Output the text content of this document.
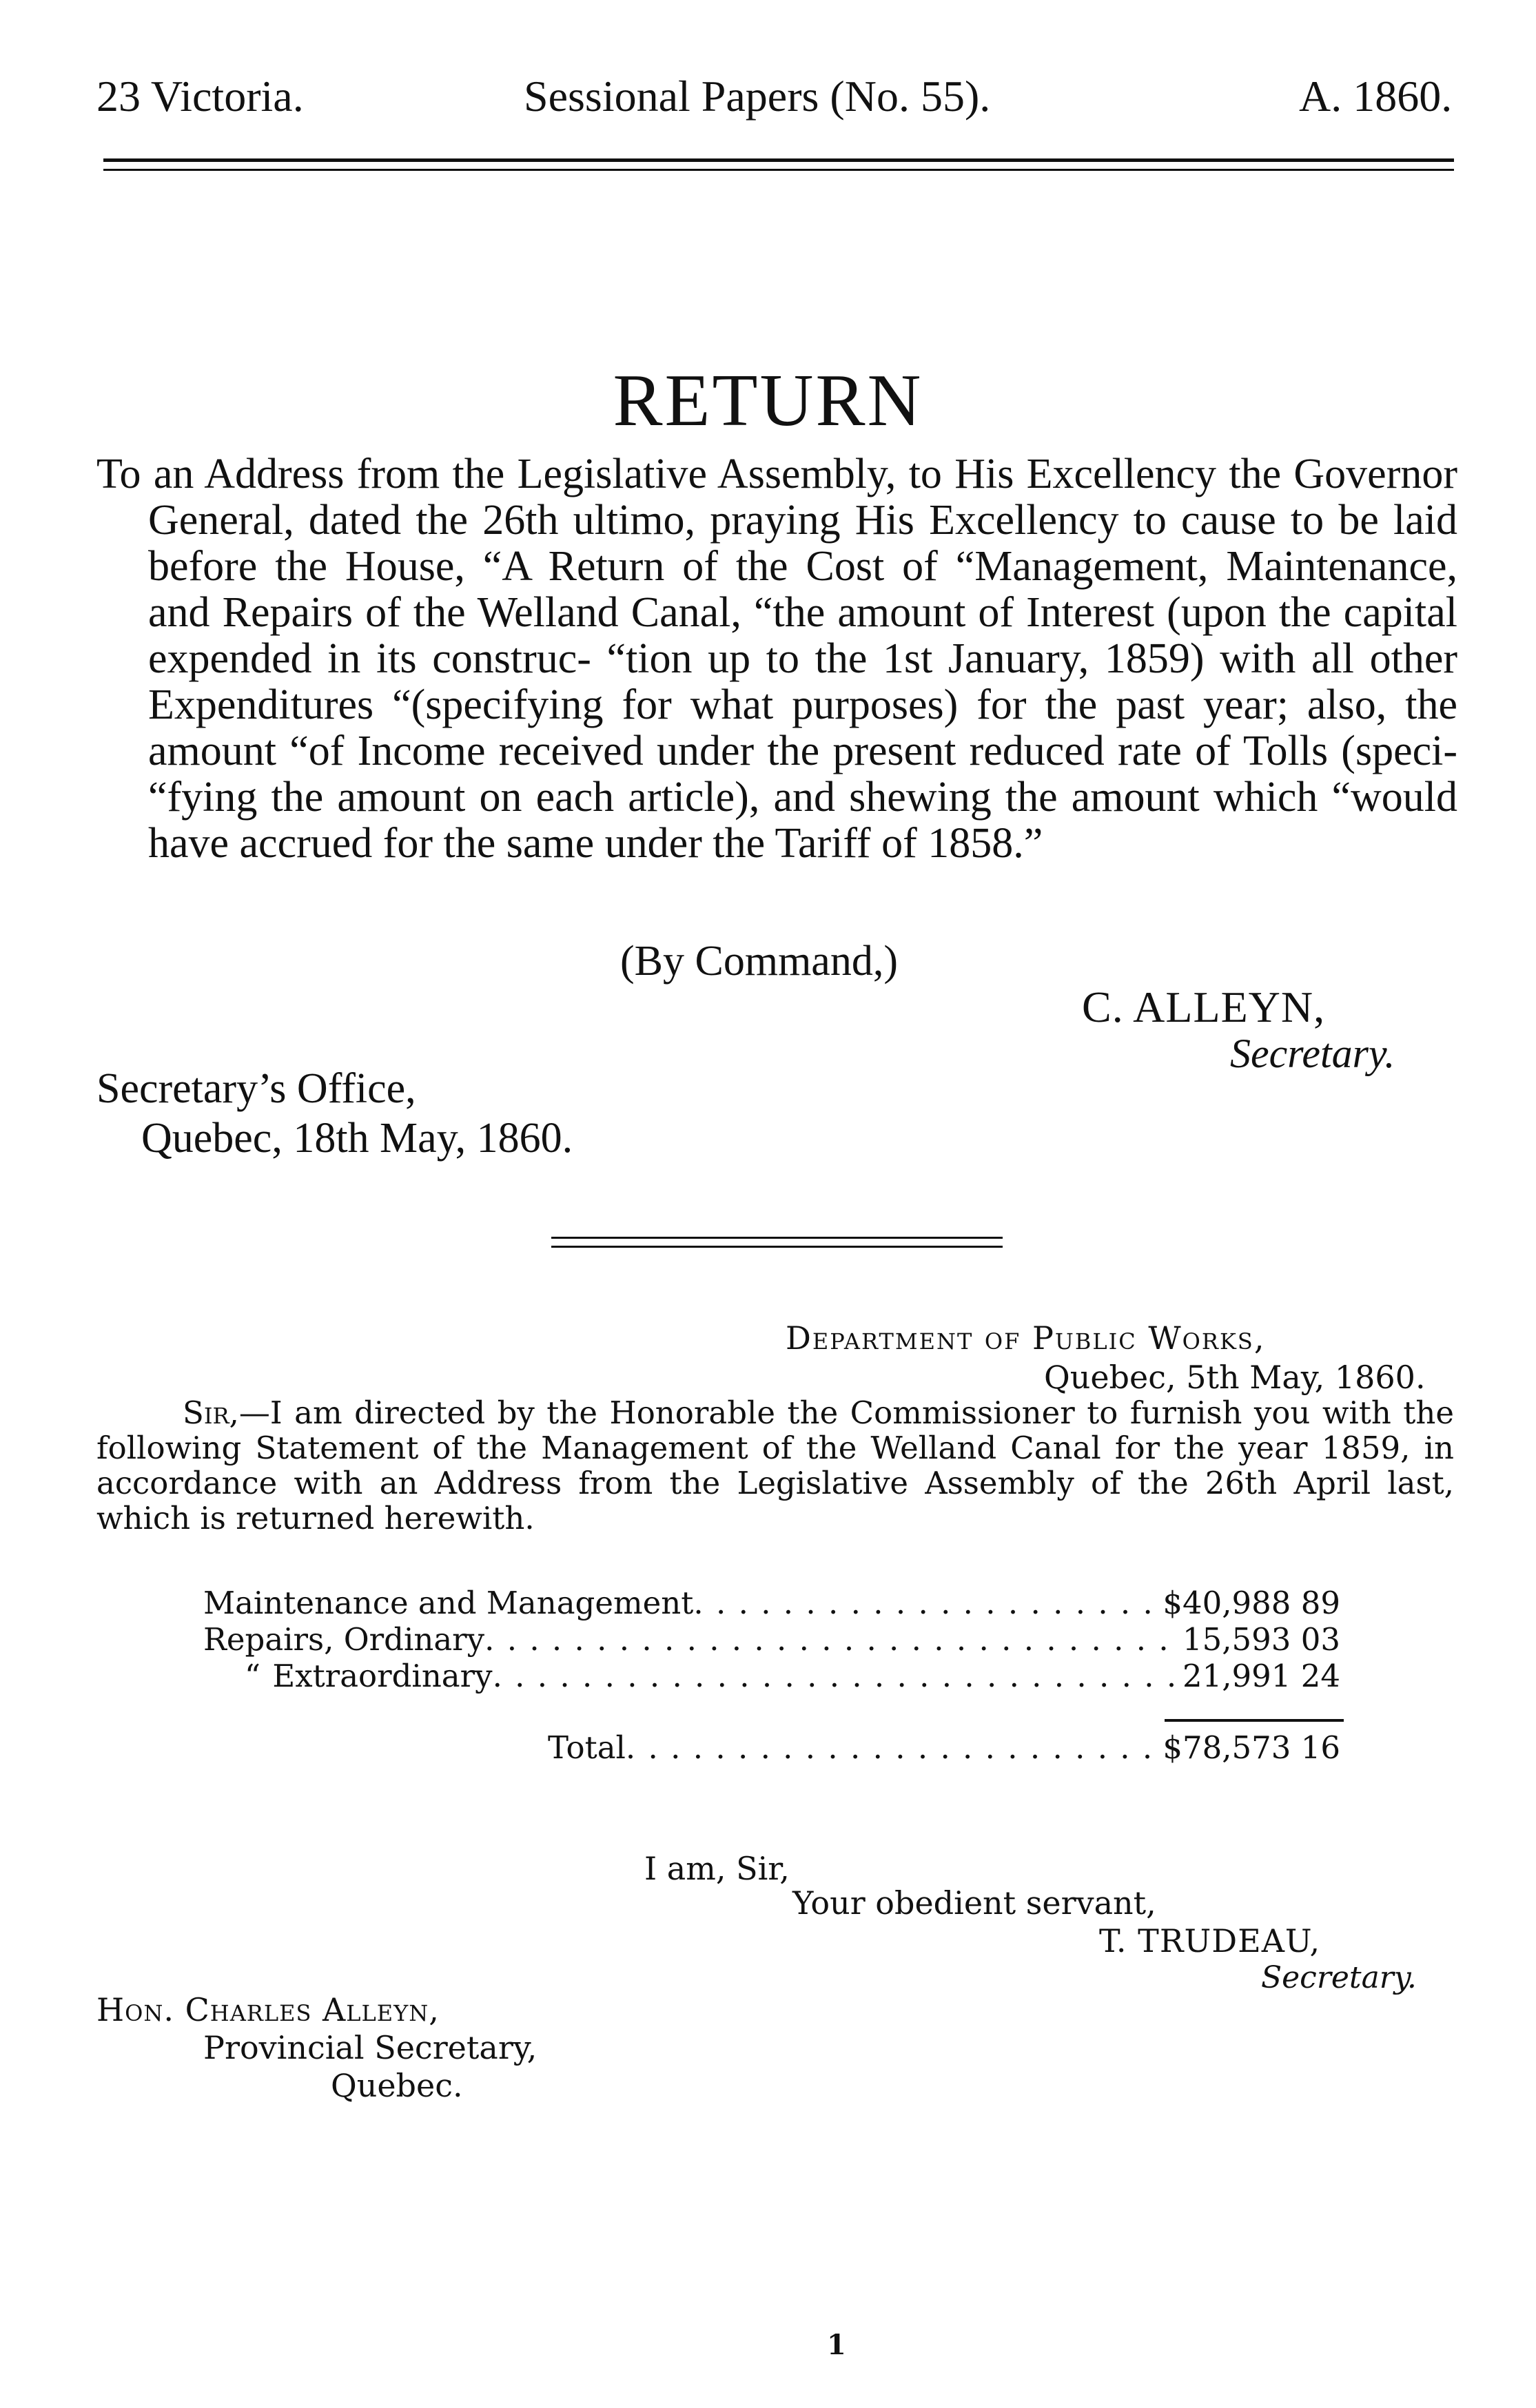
23 Victoria.	Sessional Papers (No. 55).	A. 1860.
RETURN
To an Address from the Legislative Assembly, to His Excellency the Governor General, dated the 26th ultimo, praying His Excellency to cause to be laid before the House, “A Return of the Cost of “Management, Maintenance, and Repairs of the Welland Canal, “the amount of Interest (upon the capital expended in its construc- “tion up to the 1st January, 1859) with all other Expenditures “(specifying for what purposes) for the past year; also, the amount “of Income received under the present reduced rate of Tolls (speci- “fying the amount on each article), and shewing the amount which “would have accrued for the same under the Tariff of 1858.”
(By Command,)
C. ALLEYN,
Secretary.
Secretary’s Office,
Quebec, 18th May, 1860.
Department of Public Works,
Quebec, 5th May, 1860.
Sir,—I am directed by the Honorable the Commissioner to furnish you with the following Statement of the Management of the Welland Canal for the year 1859, in accordance with an Address from the Legislative Assembly of the 26th April last, which is returned herewith.
Maintenance and Management . . .	$40,988 89
Repairs, Ordinary . . .	15,593 03
“ Extraordinary . . .	21,991 24
Total . . .	$78,573 16
I am, Sir,
Your obedient servant,
T. TRUDEAU,
Secretary.
Hon. Charles Alleyn,
Provincial Secretary,
Quebec.
1
